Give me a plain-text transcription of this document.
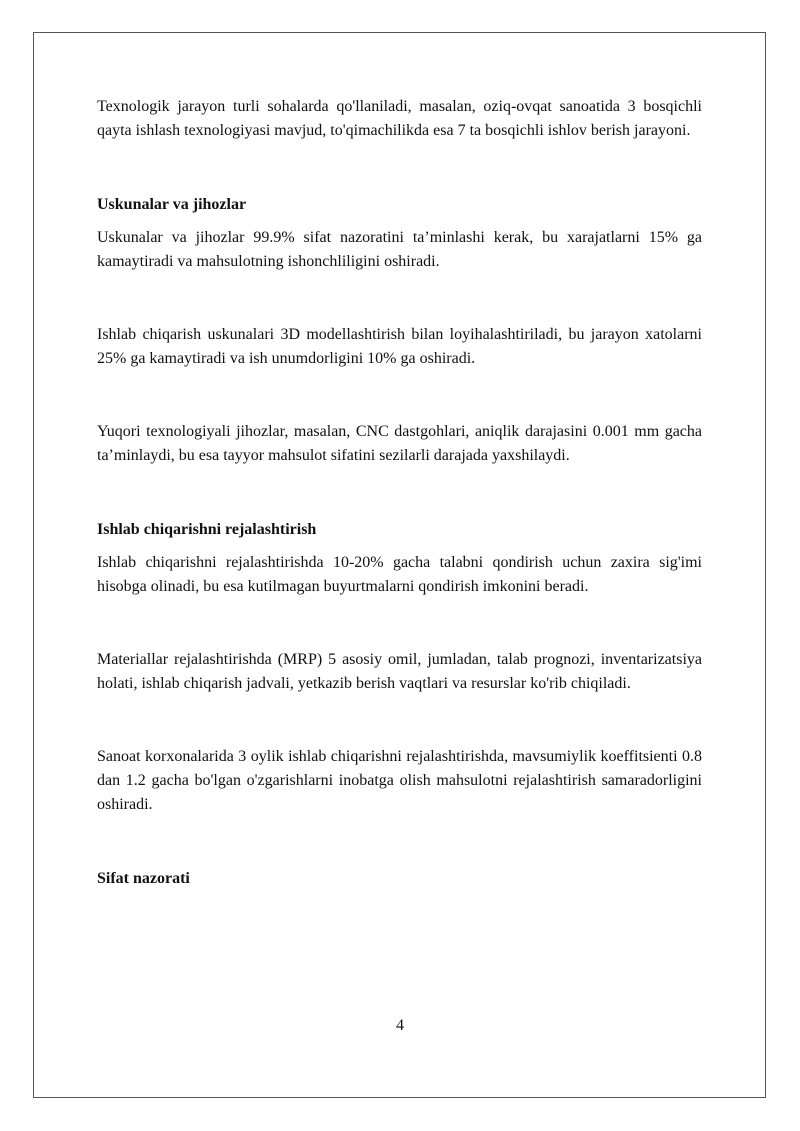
Texnologik jarayon turli sohalarda qo'llaniladi, masalan, oziq-ovqat sanoatida 3 bosqichli qayta ishlash texnologiyasi mavjud, to'qimachilikda esa 7 ta bosqichli ishlov berish jarayoni.

Uskunalar va jihozlar

Uskunalar va jihozlar 99.9% sifat nazoratini ta’minlashi kerak, bu xarajatlarni 15% ga kamaytiradi va mahsulotning ishonchliligini oshiradi.

Ishlab chiqarish uskunalari 3D modellashtirish bilan loyihalashtiriladi, bu jarayon xatolarni 25% ga kamaytiradi va ish unumdorligini 10% ga oshiradi.

Yuqori texnologiyali jihozlar, masalan, CNC dastgohlari, aniqlik darajasini 0.001 mm gacha ta’minlaydi, bu esa tayyor mahsulot sifatini sezilarli darajada yaxshilaydi.

Ishlab chiqarishni rejalashtirish

Ishlab chiqarishni rejalashtirishda 10-20% gacha talabni qondirish uchun zaxira sig'imi hisobga olinadi, bu esa kutilmagan buyurtmalarni qondirish imkonini beradi.

Materiallar rejalashtirishda (MRP) 5 asosiy omil, jumladan, talab prognozi, inventarizatsiya holati, ishlab chiqarish jadvali, yetkazib berish vaqtlari va resurslar ko'rib chiqiladi.

Sanoat korxonalarida 3 oylik ishlab chiqarishni rejalashtirishda, mavsumiylik koeffitsienti 0.8 dan 1.2 gacha bo'lgan o'zgarishlarni inobatga olish mahsulotni rejalashtirish samaradorligini oshiradi.

Sifat nazorati
4
